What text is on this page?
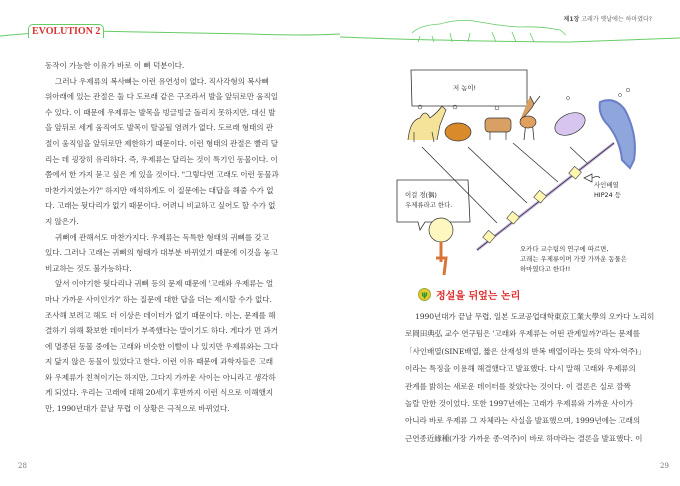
EVOLUTION 2
동작이 가능한 이유가 바로 이 뼈 덕분이다.
그러나 우제류의 복사뼈는 이런 유연성이 없다. 직사각형의 복사뼈
위아래에 있는 관절은 둘 다 도르래 같은 구조라서 발을 앞뒤로만 움직일
수 있다. 이 때문에 우제류는 발목을 빙글빙글 돌리지 못하지만, 대신 발
을 앞뒤로 세게 움직여도 발목이 탈골될 염려가 없다. 도르래 형태의 관
절이 움직임을 앞뒤로만 제한하기 때문이다. 이런 형태의 관절은 빨리 달
리는 데 굉장히 유리하다. 즉, 우제류는 달리는 것이 특기인 동물이다. 이
쯤에서 한 가지 묻고 싶은 게 있을 것이다. "그렇다면 고래도 이런 동물과
마찬가지였는가?" 하지만 애석하게도 이 질문에는 대답을 해줄 수가 없
다. 고래는 뒷다리가 없기 때문이다. 어려니 비교하고 싶어도 할 수가 없
지 않은가.
귀뼈에 관해서도 마찬가지다. 우제류는 독특한 형태의 귀뼈를 갖고
있다. 그러나 고래는 귀뼈의 형태가 대부분 바뀌었기 때문에 이것을 놓고
비교하는 것도 불가능하다.
앞서 이야기한 뒷다리나 귀뼈 등의 문제 때문에 '고래와 우제류는 얼
마나 가까운 사이인가?' 하는 질문에 대한 답을 더는 제시할 수가 없다.
조사해 보려고 해도 더 이상은 데이터가 없기 때문이다. 이는, 문제를 해
결하기 위해 확보한 데이터가 부족했다는 말이기도 하다. 게다가 먼 과거
에 멸종된 동물 중에는 고래와 비슷한 이빨이 나 있지만 우제류와는 그다
지 닮지 않은 동물이 있었다고 한다. 이런 이유 때문에 과학자들은 고래
와 우제류가 친척이기는 하지만, 그다지 가까운 사이는 아니라고 생각하
게 되었다. 우리는 고래에 대해 20세기 후반까지 이런 식으로 이해했지
만, 1990년대가 끝날 무렵 이 상황은 극적으로 바뀌었다.
28
제1장 고래가 옛날에는 하마였다?
저 놈이!
이걸 경(偶)
우제류라고 한다.
사인배열
HIP24 등
오카다 교수팀의 연구에 따르면,
고래는 우제류이며 가장 가까운 동물은
하마였다고 한다!!
ψ 정설을 뒤엎는 논리
1990년대가 끝날 무렵, 일본 도쿄공업대학東京工業大學의 오카다 노리히
로岡田典弘 교수 연구팀은 '고래와 우제류는 어떤 관계일까?'라는 문제를
「사인배열(SINE배열, 짧은 산재성의 반복 배열이라는 뜻의 약자-역주)」
이라는 특징을 이용해 해결했다고 발표했다. 다시 말해 고래와 우제류의
관계를 밝히는 새로운 데이터를 찾았다는 것이다. 이 결론은 실로 깜짝
놀랄 만한 것이었다. 또한 1997년에는 고래가 우제류와 가까운 사이가
아니라 바로 우제류 그 자체라는 사실을 발표했으며, 1999년에는 고래의
근연종近緣種(가장 가까운 종-역주)이 바로 하마라는 결론을 발표했다. 이
29
